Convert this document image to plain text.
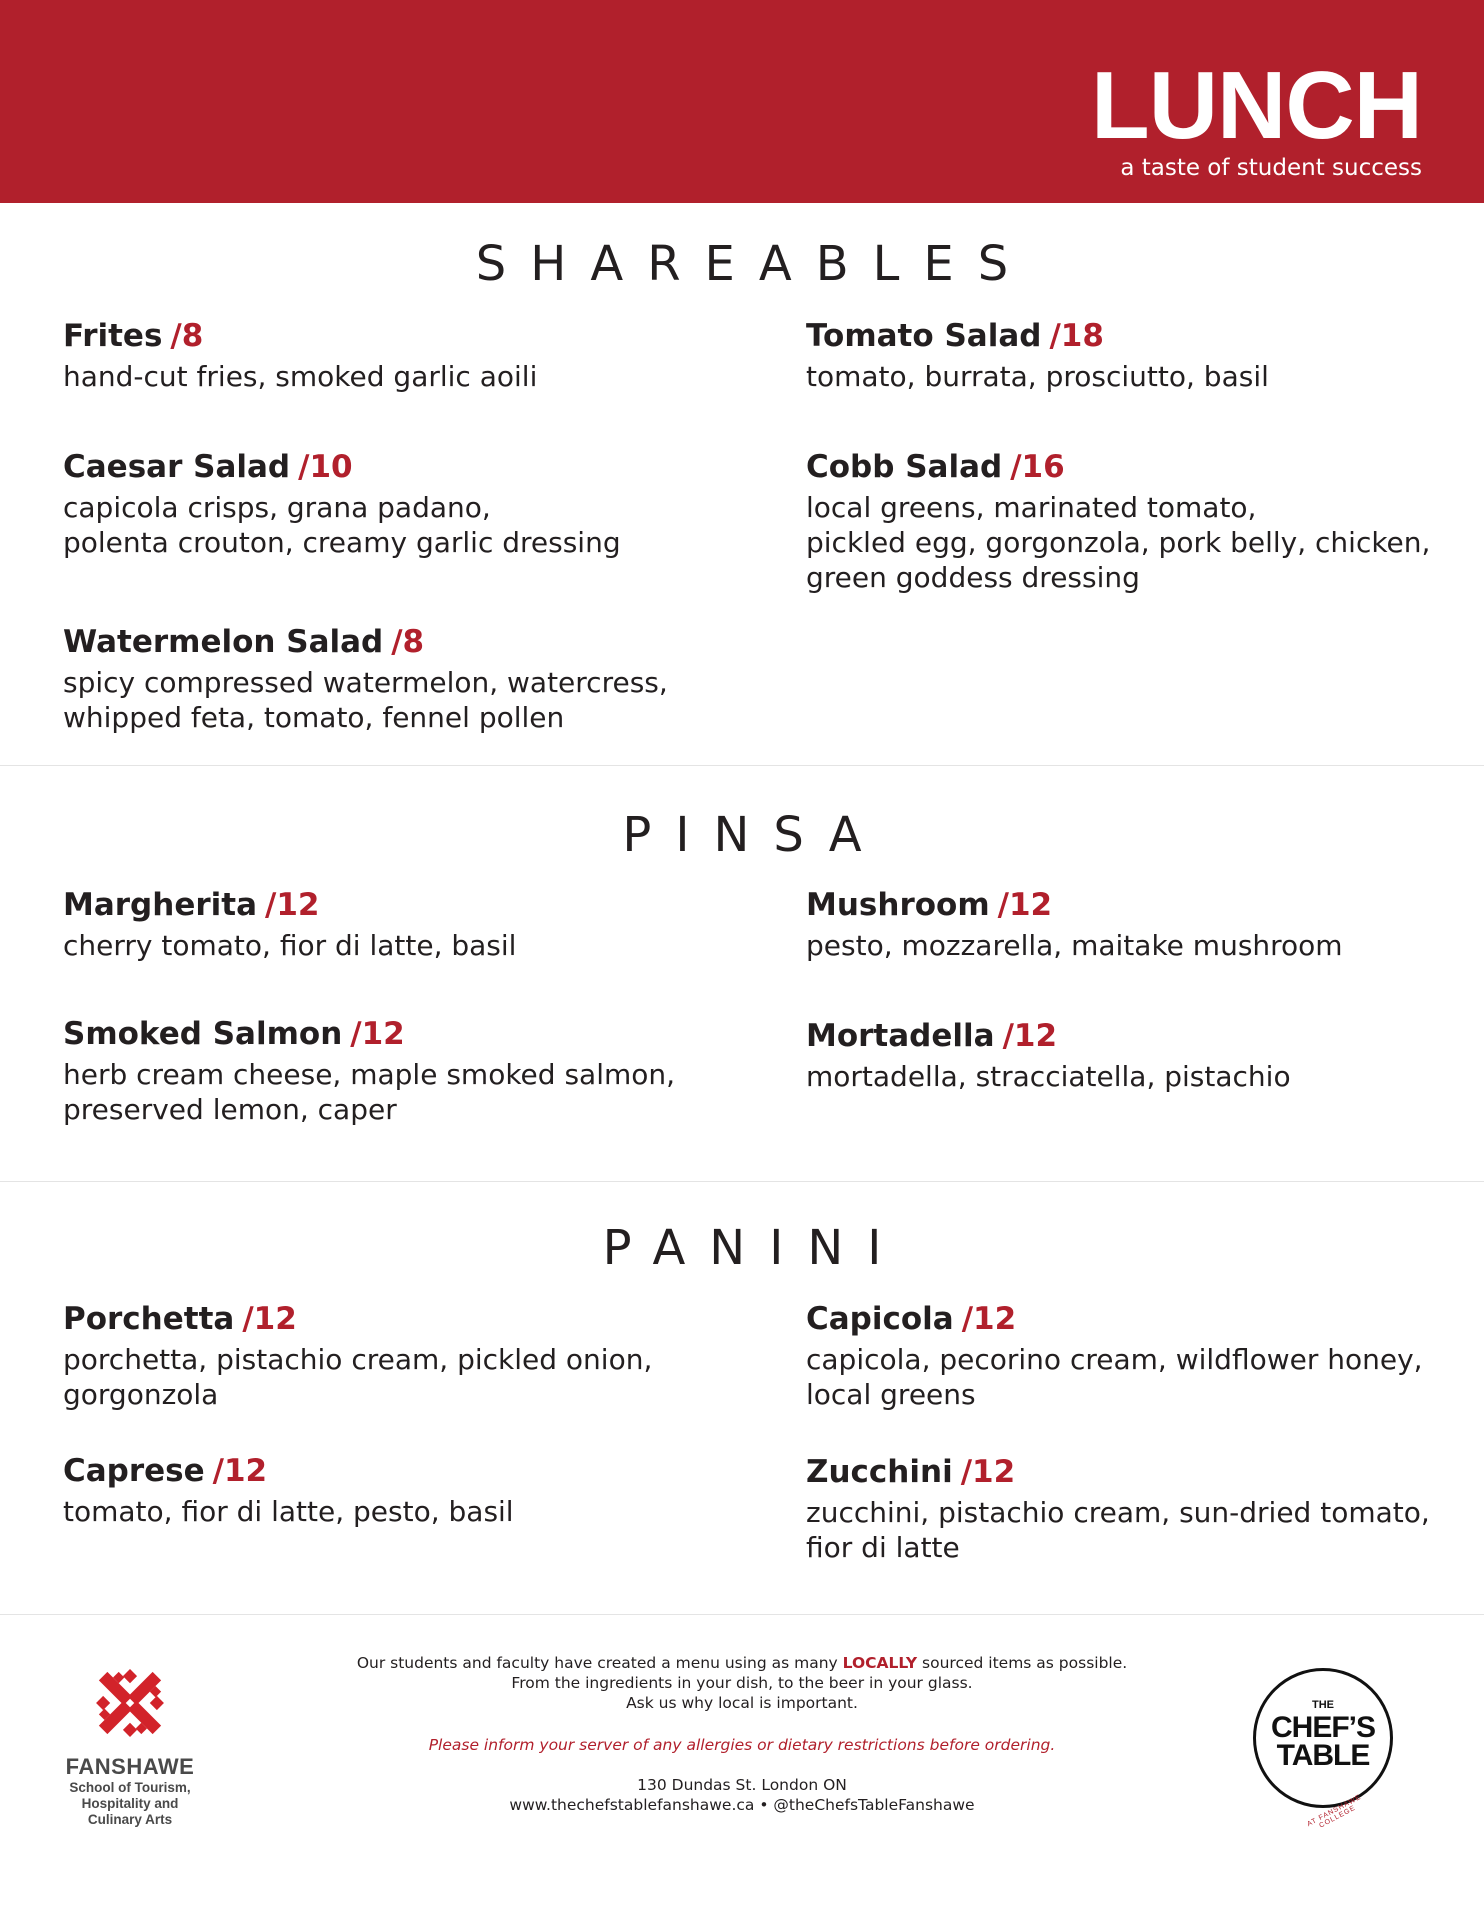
LUNCH
a taste of student success
SHAREABLES
Frites /8
hand-cut fries, smoked garlic aoili
Caesar Salad /10
capicola crisps, grana padano,
polenta crouton, creamy garlic dressing
Watermelon Salad /8
spicy compressed watermelon, watercress,
whipped feta, tomato, fennel pollen
Tomato Salad /18
tomato, burrata, prosciutto, basil
Cobb Salad /16
local greens, marinated tomato,
pickled egg, gorgonzola, pork belly, chicken,
green goddess dressing
PINSA
Margherita /12
cherry tomato, fior di latte, basil
Smoked Salmon /12
herb cream cheese, maple smoked salmon,
preserved lemon, caper
Mushroom /12
pesto, mozzarella, maitake mushroom
Mortadella /12
mortadella, stracciatella, pistachio
PANINI
Porchetta /12
porchetta, pistachio cream, pickled onion,
gorgonzola
Caprese /12
tomato, fior di latte, pesto, basil
Capicola /12
capicola, pecorino cream, wildflower honey,
local greens
Zucchini /12
zucchini, pistachio cream, sun-dried tomato,
fior di latte
Our students and faculty have created a menu using as many LOCALLY sourced items as possible.
From the ingredients in your dish, to the beer in your glass.
Ask us why local is important.
Please inform your server of any allergies or dietary restrictions before ordering.
130 Dundas St. London ON
www.thechefstablefanshawe.ca • @theChefsTableFanshawe
FANSHAWE
School of Tourism,
Hospitality and
Culinary Arts
THE
CHEF’S
TABLE
AT FANSHAWE COLLEGE
